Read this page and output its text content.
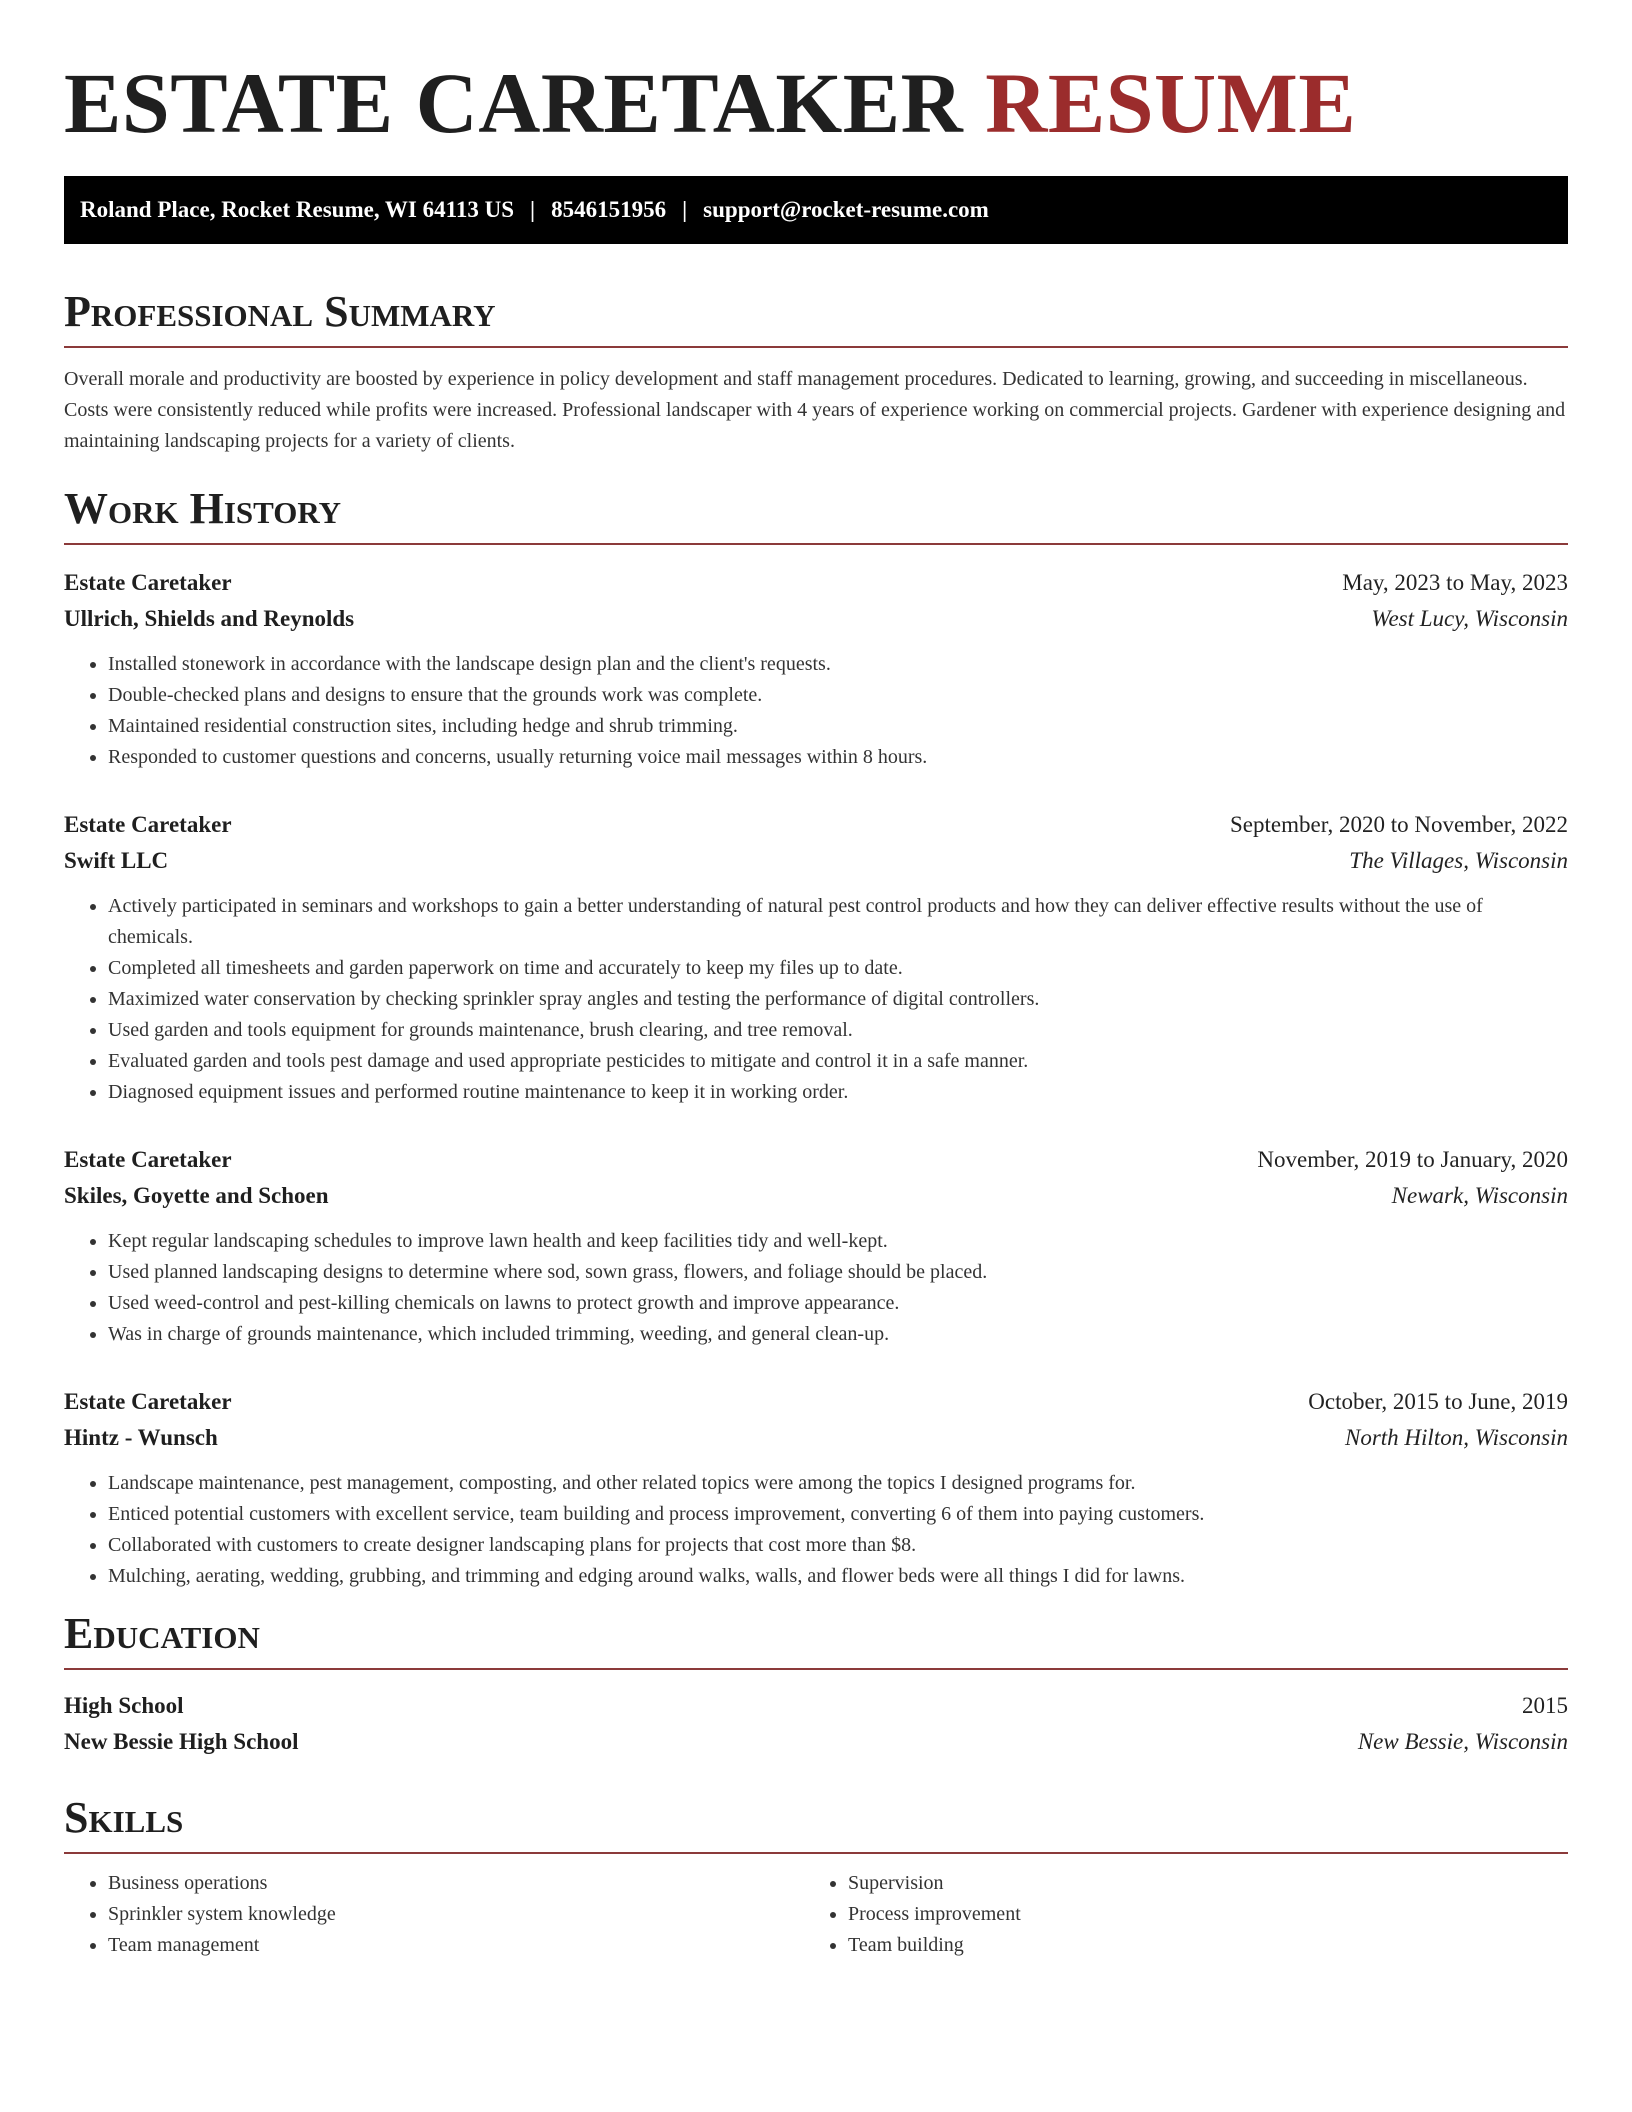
ESTATE CARETAKER RESUME
Roland Place, Rocket Resume, WI 64113 US | 8546151956 | support@rocket-resume.com
Professional Summary

Overall morale and productivity are boosted by experience in policy development and staff management procedures. Dedicated to learning, growing, and succeeding in miscellaneous. Costs were consistently reduced while profits were increased. Professional landscaper with 4 years of experience working on commercial projects. Gardener with experience designing and maintaining landscaping projects for a variety of clients.

Work History
Estate Caretaker	May, 2023 to May, 2023
Ullrich, Shields and Reynolds	West Lucy, Wisconsin
• Installed stonework in accordance with the landscape design plan and the client's requests.
• Double-checked plans and designs to ensure that the grounds work was complete.
• Maintained residential construction sites, including hedge and shrub trimming.
• Responded to customer questions and concerns, usually returning voice mail messages within 8 hours.
Estate Caretaker	September, 2020 to November, 2022
Swift LLC	The Villages, Wisconsin
• Actively participated in seminars and workshops to gain a better understanding of natural pest control products and how they can deliver effective results without the use of chemicals.
• Completed all timesheets and garden paperwork on time and accurately to keep my files up to date.
• Maximized water conservation by checking sprinkler spray angles and testing the performance of digital controllers.
• Used garden and tools equipment for grounds maintenance, brush clearing, and tree removal.
• Evaluated garden and tools pest damage and used appropriate pesticides to mitigate and control it in a safe manner.
• Diagnosed equipment issues and performed routine maintenance to keep it in working order.
Estate Caretaker	November, 2019 to January, 2020
Skiles, Goyette and Schoen	Newark, Wisconsin
• Kept regular landscaping schedules to improve lawn health and keep facilities tidy and well-kept.
• Used planned landscaping designs to determine where sod, sown grass, flowers, and foliage should be placed.
• Used weed-control and pest-killing chemicals on lawns to protect growth and improve appearance.
• Was in charge of grounds maintenance, which included trimming, weeding, and general clean-up.
Estate Caretaker	October, 2015 to June, 2019
Hintz - Wunsch	North Hilton, Wisconsin
• Landscape maintenance, pest management, composting, and other related topics were among the topics I designed programs for.
• Enticed potential customers with excellent service, team building and process improvement, converting 6 of them into paying customers.
• Collaborated with customers to create designer landscaping plans for projects that cost more than $8.
• Mulching, aerating, wedding, grubbing, and trimming and edging around walks, walls, and flower beds were all things I did for lawns.
Education
High School	2015
New Bessie High School	New Bessie, Wisconsin
Skills
• Business operations
• Sprinkler system knowledge
• Team management
• Supervision
• Process improvement
• Team building
